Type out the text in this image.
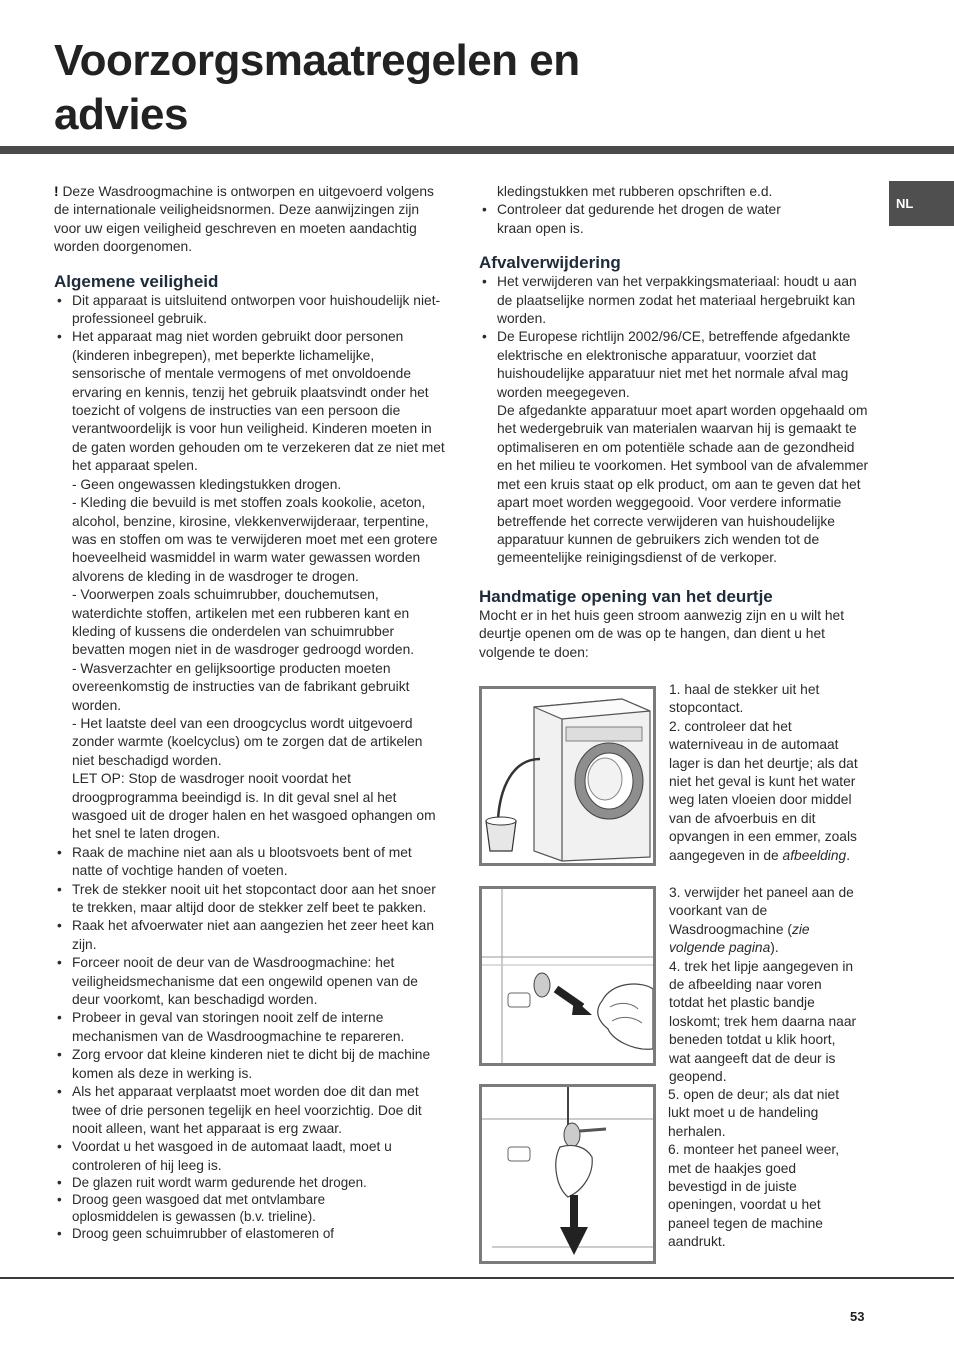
Voorzorgsmaatregelen en
advies
NL

! Deze Wasdroogmachine is ontworpen en uitgevoerd volgens de internationale veiligheidsnormen. Deze aanwijzingen zijn voor uw eigen veiligheid geschreven en moeten aandachtig worden doorgenomen.

Algemene veiligheid
• Dit apparaat is uitsluitend ontworpen voor huishoudelijk niet-professioneel gebruik.
• Het apparaat mag niet worden gebruikt door personen (kinderen inbegrepen), met beperkte lichamelijke, sensorische of mentale vermogens of met onvoldoende ervaring en kennis, tenzij het gebruik plaatsvindt onder het toezicht of volgens de instructies van een persoon die verantwoordelijk is voor hun veiligheid. Kinderen moeten in de gaten worden gehouden om te verzekeren dat ze niet met het apparaat spelen.
- Geen ongewassen kledingstukken drogen.
- Kleding die bevuild is met stoffen zoals kookolie, aceton, alcohol, benzine, kirosine, vlekkenverwijderaar, terpentine, was en stoffen om was te verwijderen moet met een grotere hoeveelheid wasmiddel in warm water gewassen worden alvorens de kleding in de wasdroger te drogen.
- Voorwerpen zoals schuimrubber, douchemutsen, waterdichte stoffen, artikelen met een rubberen kant en kleding of kussens die onderdelen van schuimrubber bevatten mogen niet in de wasdroger gedroogd worden.
- Wasverzachter en gelijksoortige producten moeten overeenkomstig de instructies van de fabrikant gebruikt worden.
- Het laatste deel van een droogcyclus wordt uitgevoerd zonder warmte (koelcyclus) om te zorgen dat de artikelen niet beschadigd worden.
LET OP: Stop de wasdroger nooit voordat het droogprogramma beeindigd is. In dit geval snel al het wasgoed uit de droger halen en het wasgoed ophangen om het snel te laten drogen.
• Raak de machine niet aan als u blootsvoets bent of met natte of vochtige handen of voeten.
• Trek de stekker nooit uit het stopcontact door aan het snoer te trekken, maar altijd door de stekker zelf beet te pakken.
• Raak het afvoerwater niet aan aangezien het zeer heet kan zijn.
• Forceer nooit de deur van de Wasdroogmachine: het veiligheidsmechanisme dat een ongewild openen van de deur voorkomt, kan beschadigd worden.
• Probeer in geval van storingen nooit zelf de interne mechanismen van de Wasdroogmachine te repareren.
• Zorg ervoor dat kleine kinderen niet te dicht bij de machine komen als deze in werking is.
• Als het apparaat verplaatst moet worden doe dit dan met twee of drie personen tegelijk en heel voorzichtig. Doe dit nooit alleen, want het apparaat is erg zwaar.
• Voordat u het wasgoed in de automaat laadt, moet u controleren of hij leeg is.
• De glazen ruit wordt warm gedurende het drogen.
• Droog geen wasgoed dat met ontvlambare oplosmiddelen is gewassen (b.v. trieline).
• Droog geen schuimrubber of elastomeren of

kledingstukken met rubberen opschriften e.d.

• Controleer dat gedurende het drogen de water kraan open is.
Afvalverwijdering
• Het verwijderen van het verpakkingsmateriaal: houdt u aan de plaatselijke normen zodat het materiaal hergebruikt kan worden.
• De Europese richtlijn 2002/96/CE, betreffende afgedankte elektrische en elektronische apparatuur, voorziet dat huishoudelijke apparatuur niet met het normale afval mag worden meegegeven.
De afgedankte apparatuur moet apart worden opgehaald om het wedergebruik van materialen waarvan hij is gemaakt te optimaliseren en om potentiële schade aan de gezondheid en het milieu te voorkomen. Het symbool van de afvalemmer met een kruis staat op elk product, om aan te geven dat het apart moet worden weggegooid. Voor verdere informatie betreffende het correcte verwijderen van huishoudelijke apparatuur kunnen de gebruikers zich wenden tot de gemeentelijke reinigingsdienst of de verkoper.
Handmatige opening van het deurtje

Mocht er in het huis geen stroom aanwezig zijn en u wilt het deurtje openen om de was op te hangen, dan dient u het volgende te doen:

1. haal de stekker uit het stopcontact.

2. controleer dat het waterniveau in de automaat lager is dan het deurtje; als dat niet het geval is kunt het water weg laten vloeien door middel van de afvoerbuis en dit opvangen in een emmer, zoals aangegeven in de afbeelding.

3. verwijder het paneel aan de voorkant van de Wasdroogmachine (zie volgende pagina).

4. trek het lipje aangegeven in de afbeelding naar voren totdat het plastic bandje loskomt; trek hem daarna naar beneden totdat u klik hoort, wat aangeeft dat de deur is geopend.

5. open de deur; als dat niet lukt moet u de handeling herhalen.

6. monteer het paneel weer, met de haakjes goed bevestigd in de juiste openingen, voordat u het paneel tegen de machine aandrukt.

53
